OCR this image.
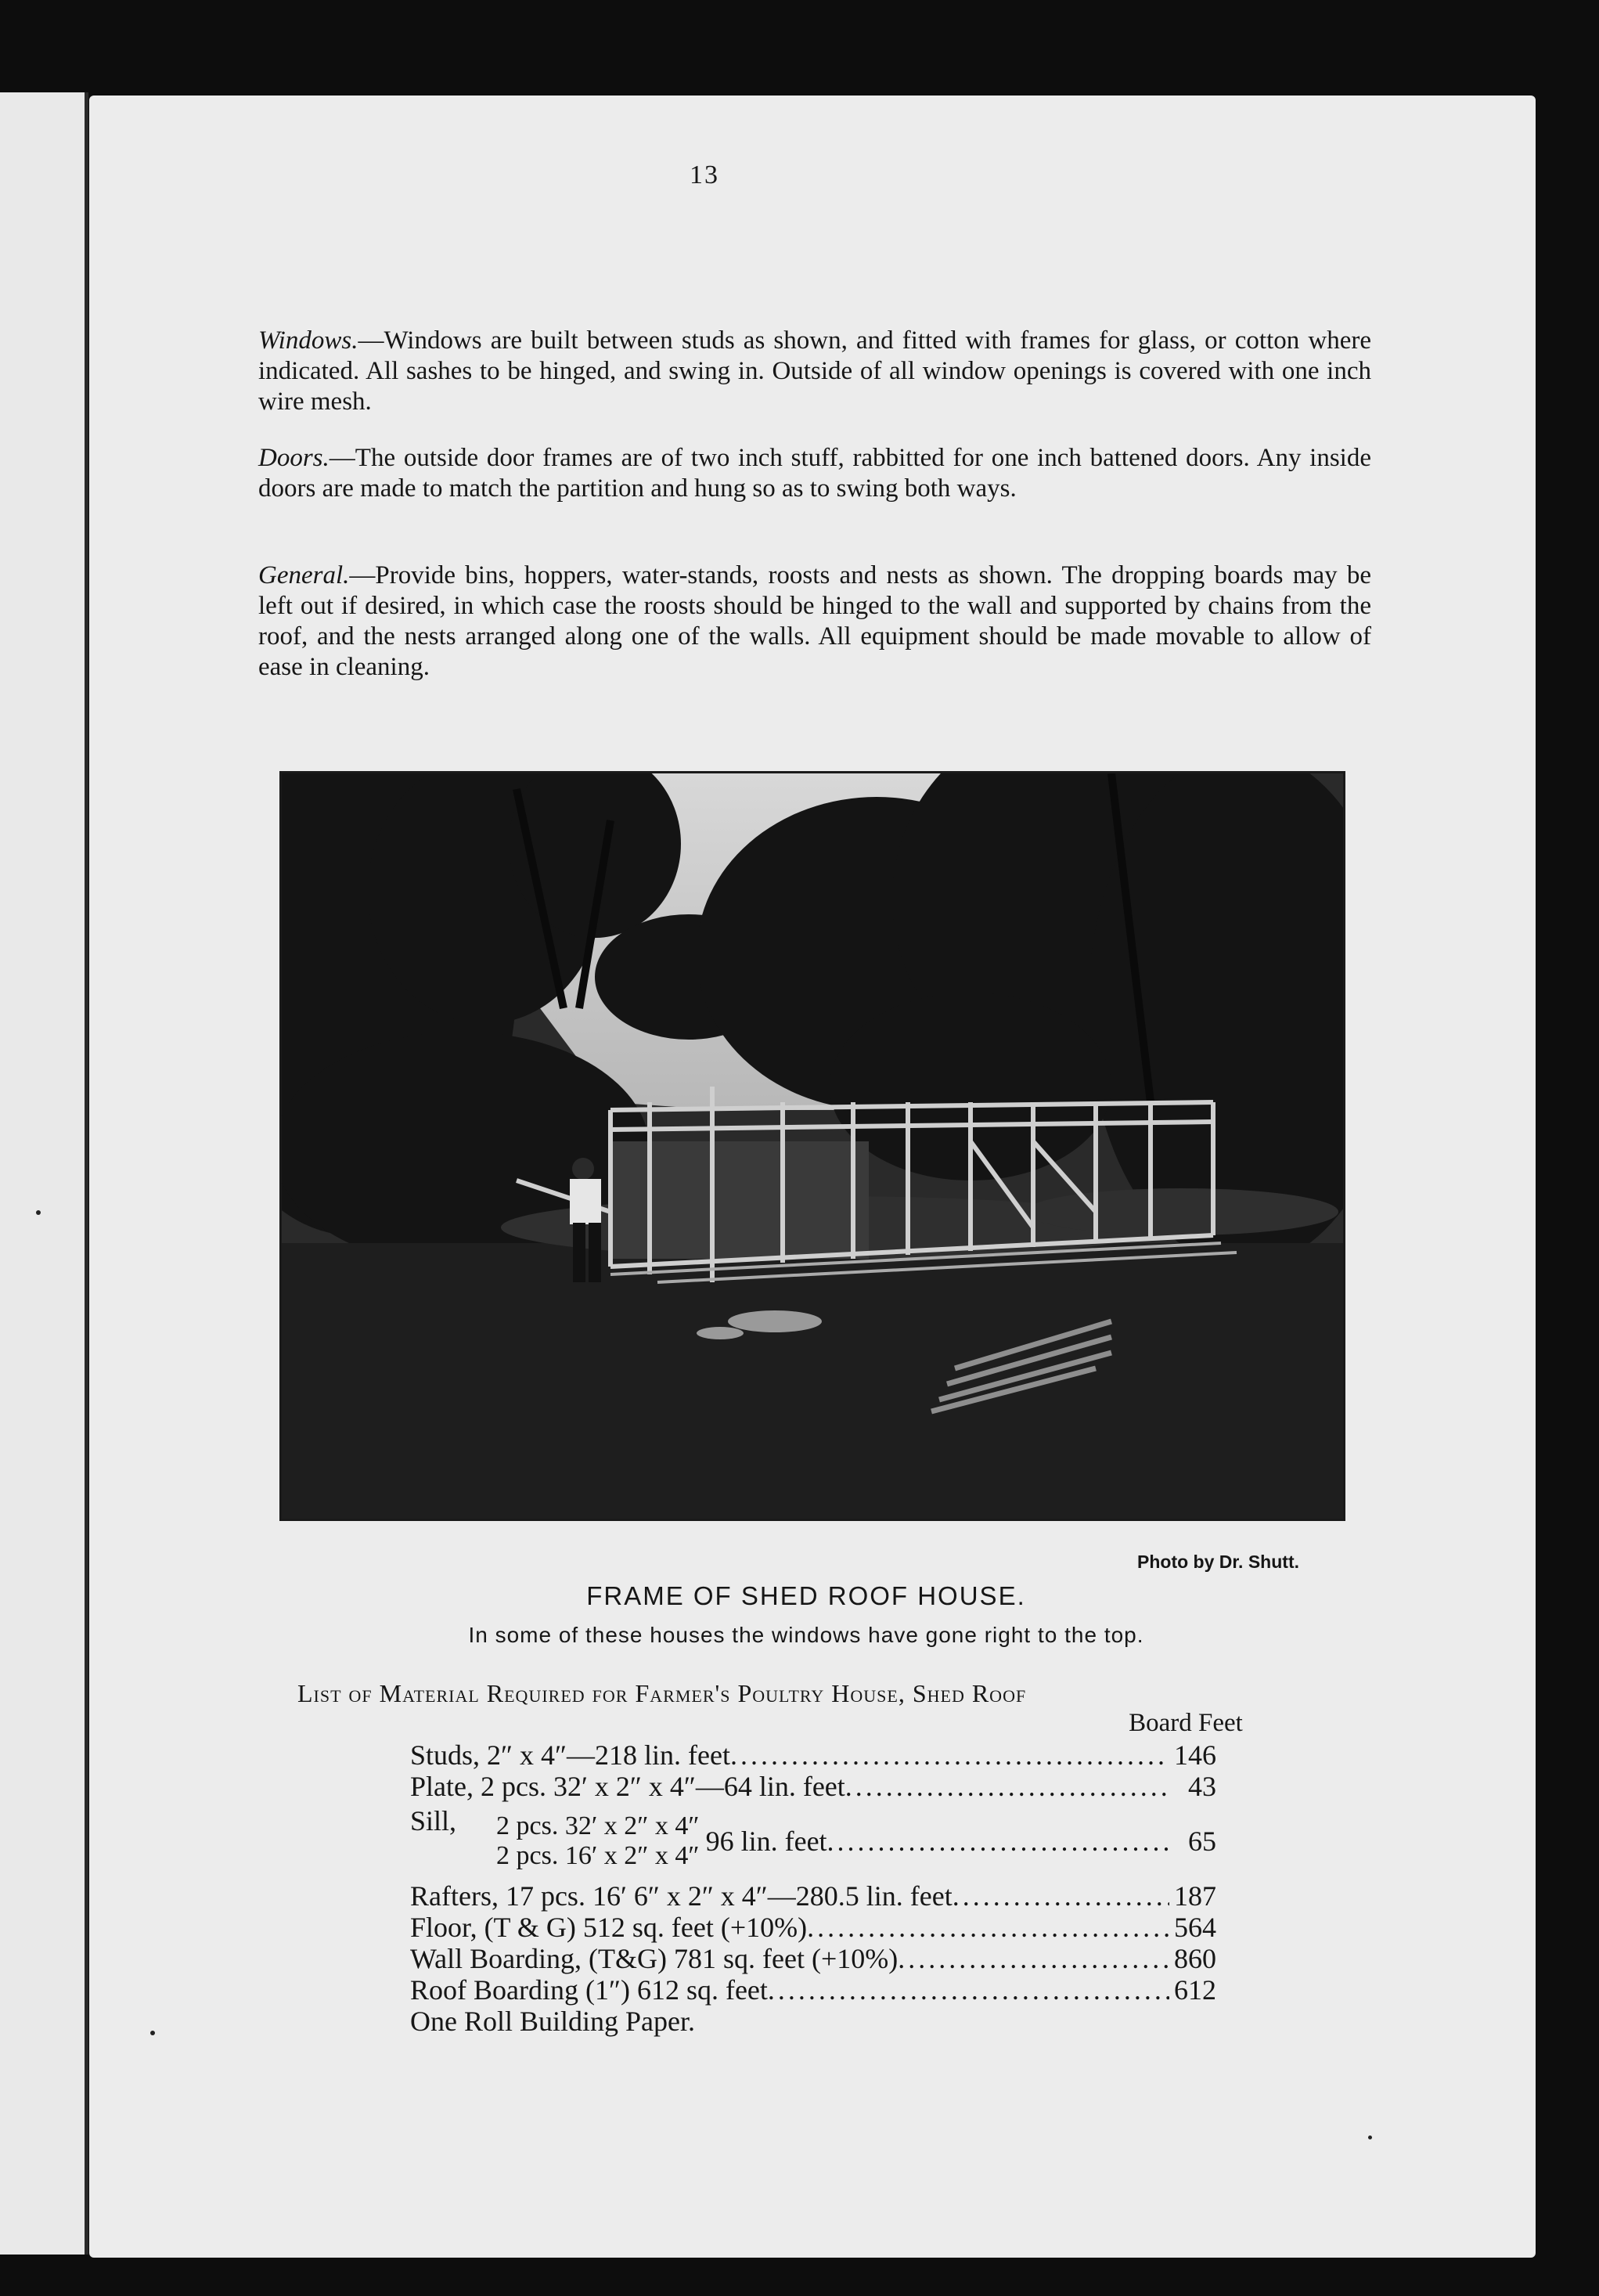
13

Windows. — Windows are built between studs as shown, and fitted with frames for glass, or cotton where indicated. All sashes to be hinged, and swing in. Outside of all window openings is covered with one inch wire mesh.

Doors. — The outside door frames are of two inch stuff, rabbitted for one inch battened doors. Any inside doors are made to match the partition and hung so as to swing both ways.

General. — Provide bins, hoppers, water-stands, roosts and nests as shown. The dropping boards may be left out if desired, in which case the roosts should be hinged to the wall and supported by chains from the roof, and the nests arranged along one of the walls. All equipment should be made movable to allow of ease in cleaning.

Photo by Dr. Shutt.
FRAME OF SHED ROOF HOUSE.
In some of these houses the windows have gone right to the top.
List of Material Required for Farmer's Poultry House, Shed Roof
Board Feet
Studs, 2″ x 4″—218 lin. feet .....	146
Plate, 2 pcs. 32′ x 2″ x 4″—64 lin. feet .....	43
Sill,	2 pcs. 32′ x 2″ x 4″
2 pcs. 16′ x 2″ x 4″ 96 lin. feet .....	65
Rafters, 17 pcs. 16′ 6″ x 2″ x 4″—280.5 lin. feet .....	187
Floor, (T & G) 512 sq. feet (+10%) .....	564
Wall Boarding, (T&G) 781 sq. feet (+10%) .....	860
Roof Boarding (1″) 612 sq. feet .....	612
One Roll Building Paper.
